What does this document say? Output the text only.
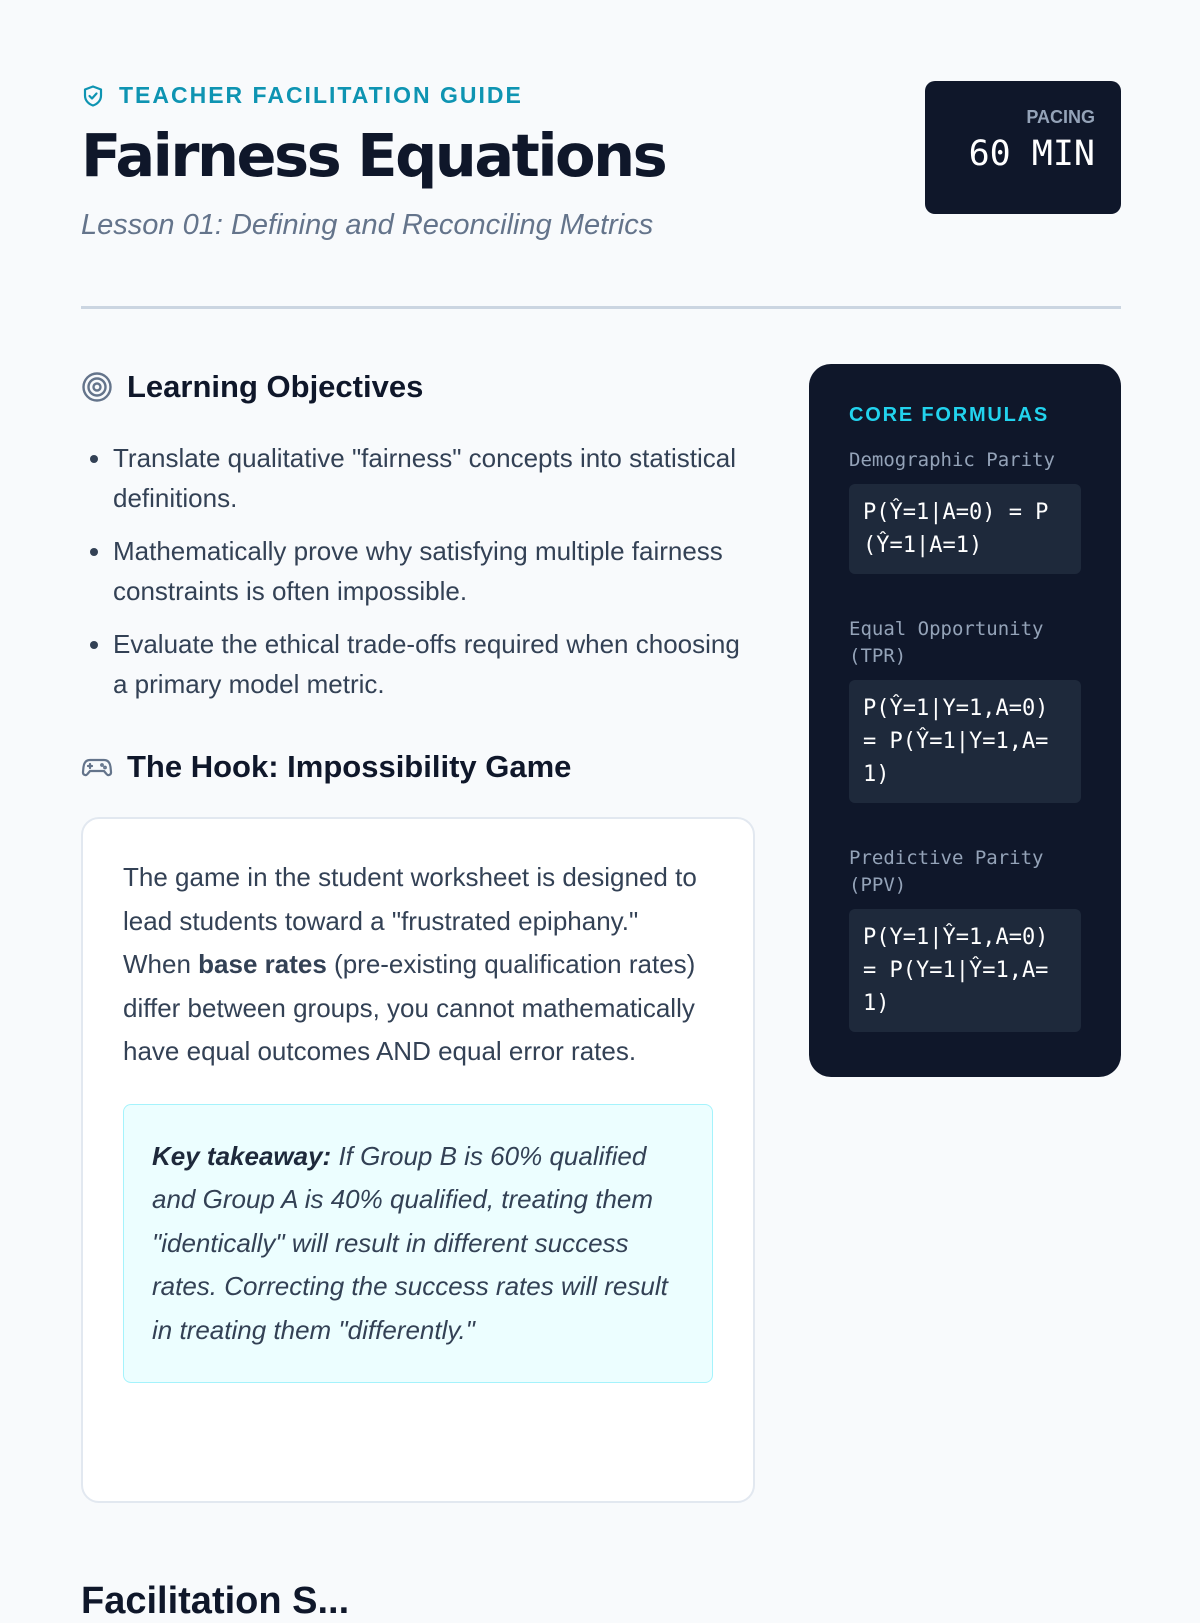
TEACHER FACILITATION GUIDE
Fairness Equations
Lesson 01: Defining and Reconciling Metrics
PACING
60 MIN
Learning Objectives
• Translate qualitative "fairness" concepts into statistical definitions.
• Mathematically prove why satisfying multiple fairness constraints is often impossible.
• Evaluate the ethical trade-offs required when choosing a primary model metric.
The Hook: Impossibility Game

The game in the student worksheet is designed to lead students toward a "frustrated epiphany." When base rates (pre-existing qualification rates) differ between groups, you cannot mathematically have equal outcomes AND equal error rates.

Key takeaway: If Group B is 60% qualified and Group A is 40% qualified, treating them "identically" will result in different success rates. Correcting the success rates will result in treating them "differently."
Facilitation S...
CORE FORMULAS
Demographic Parity
P(Ŷ=1|A=0) = P(Ŷ=1|A=1)
Equal Opportunity (TPR)
P(Ŷ=1|Y=1,A=0) = P(Ŷ=1|Y=1,A=1)
Predictive Parity (PPV)
P(Y=1|Ŷ=1,A=0) = P(Y=1|Ŷ=1,A=1)
